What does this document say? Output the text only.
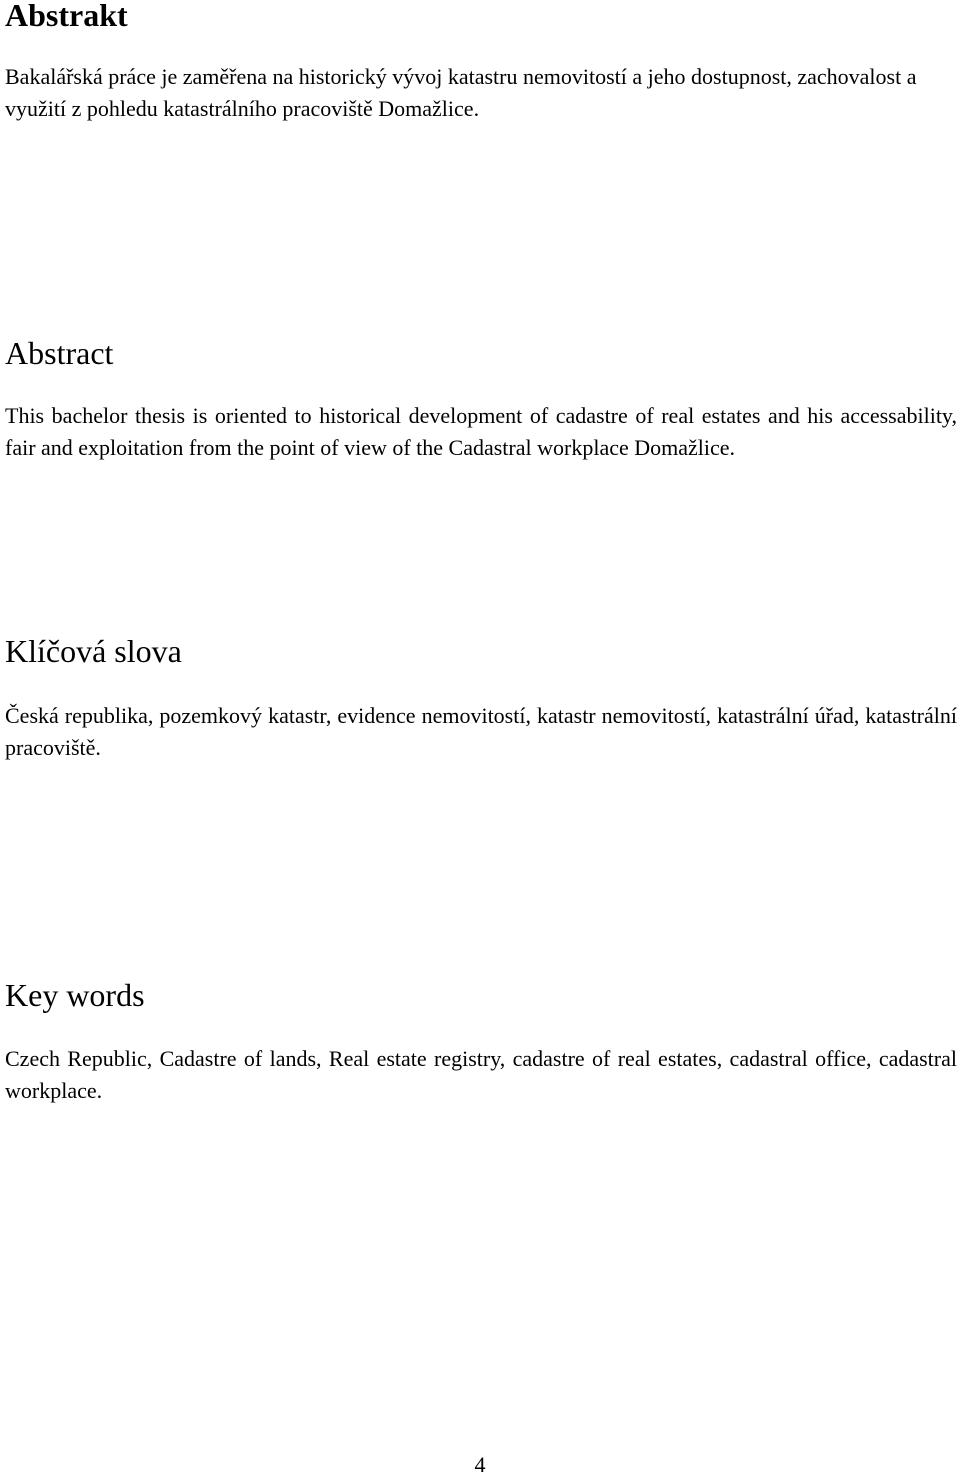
Abstrakt

Bakalářská práce je zaměřena na historický vývoj katastru nemovitostí a jeho dostupnost, zachovalost a využití z pohledu katastrálního pracoviště Domažlice.

Abstract

This bachelor thesis is oriented to historical development of cadastre of real estates and his accessability, fair and exploitation from the point of view of the Cadastral workplace Domažlice.

Klíčová slova

Česká republika, pozemkový katastr, evidence nemovitostí, katastr nemovitostí, katastrální úřad, katastrální pracoviště.

Key words

Czech Republic, Cadastre of lands, Real estate registry, cadastre of real estates, cadastral office, cadastral workplace.

4
